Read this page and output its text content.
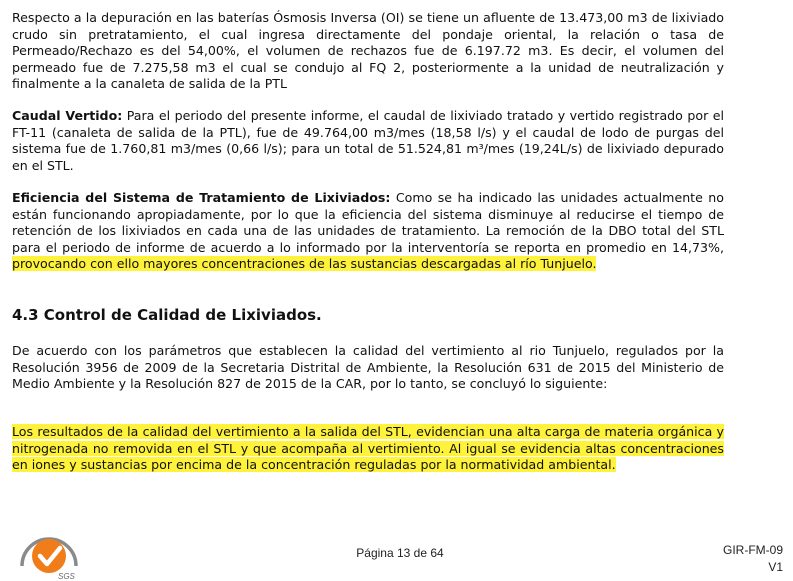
Respecto a la depuración en las baterías Ósmosis Inversa (OI) se tiene un afluente de 13.473,00 m3 de lixiviado crudo sin pretratamiento, el cual ingresa directamente del pondaje oriental, la relación o tasa de Permeado/Rechazo es del 54,00%, el volumen de rechazos fue de 6.197.72 m3. Es decir, el volumen del permeado fue de 7.275,58 m3 el cual se condujo al FQ 2, posteriormente a la unidad de neutralización y finalmente a la canaleta de salida de la PTL

Caudal Vertido: Para el periodo del presente informe, el caudal de lixiviado tratado y vertido registrado por el FT-11 (canaleta de salida de la PTL), fue de 49.764,00 m3/mes (18,58 l/s) y el caudal de lodo de purgas del sistema fue de 1.760,81 m3/mes (0,66 l/s); para un total de 51.524,81 m³/mes (19,24L/s) de lixiviado depurado en el STL.

Eficiencia del Sistema de Tratamiento de Lixiviados: Como se ha indicado las unidades actualmente no están funcionando apropiadamente, por lo que la eficiencia del sistema disminuye al reducirse el tiempo de retención de los lixiviados en cada una de las unidades de tratamiento. La remoción de la DBO total del STL para el periodo de informe de acuerdo a lo informado por la interventoría se reporta en promedio en 14,73%, provocando con ello mayores concentraciones de las sustancias descargadas al río Tunjuelo.

4.3 Control de Calidad de Lixiviados.

De acuerdo con los parámetros que establecen la calidad del vertimiento al rio Tunjuelo, regulados por la Resolución 3956 de 2009 de la Secretaria Distrital de Ambiente, la Resolución 631 de 2015 del Ministerio de Medio Ambiente y la Resolución 827 de 2015 de la CAR, por lo tanto, se concluyó lo siguiente:

Los resultados de la calidad del vertimiento a la salida del STL, evidencian una alta carga de materia orgánica y nitrogenada no removida en el STL y que acompaña al vertimiento. Al igual se evidencia altas concentraciones en iones y sustancias por encima de la concentración reguladas por la normatividad ambiental.

SGS
Página 13 de 64	GIR-FM-09
V1
